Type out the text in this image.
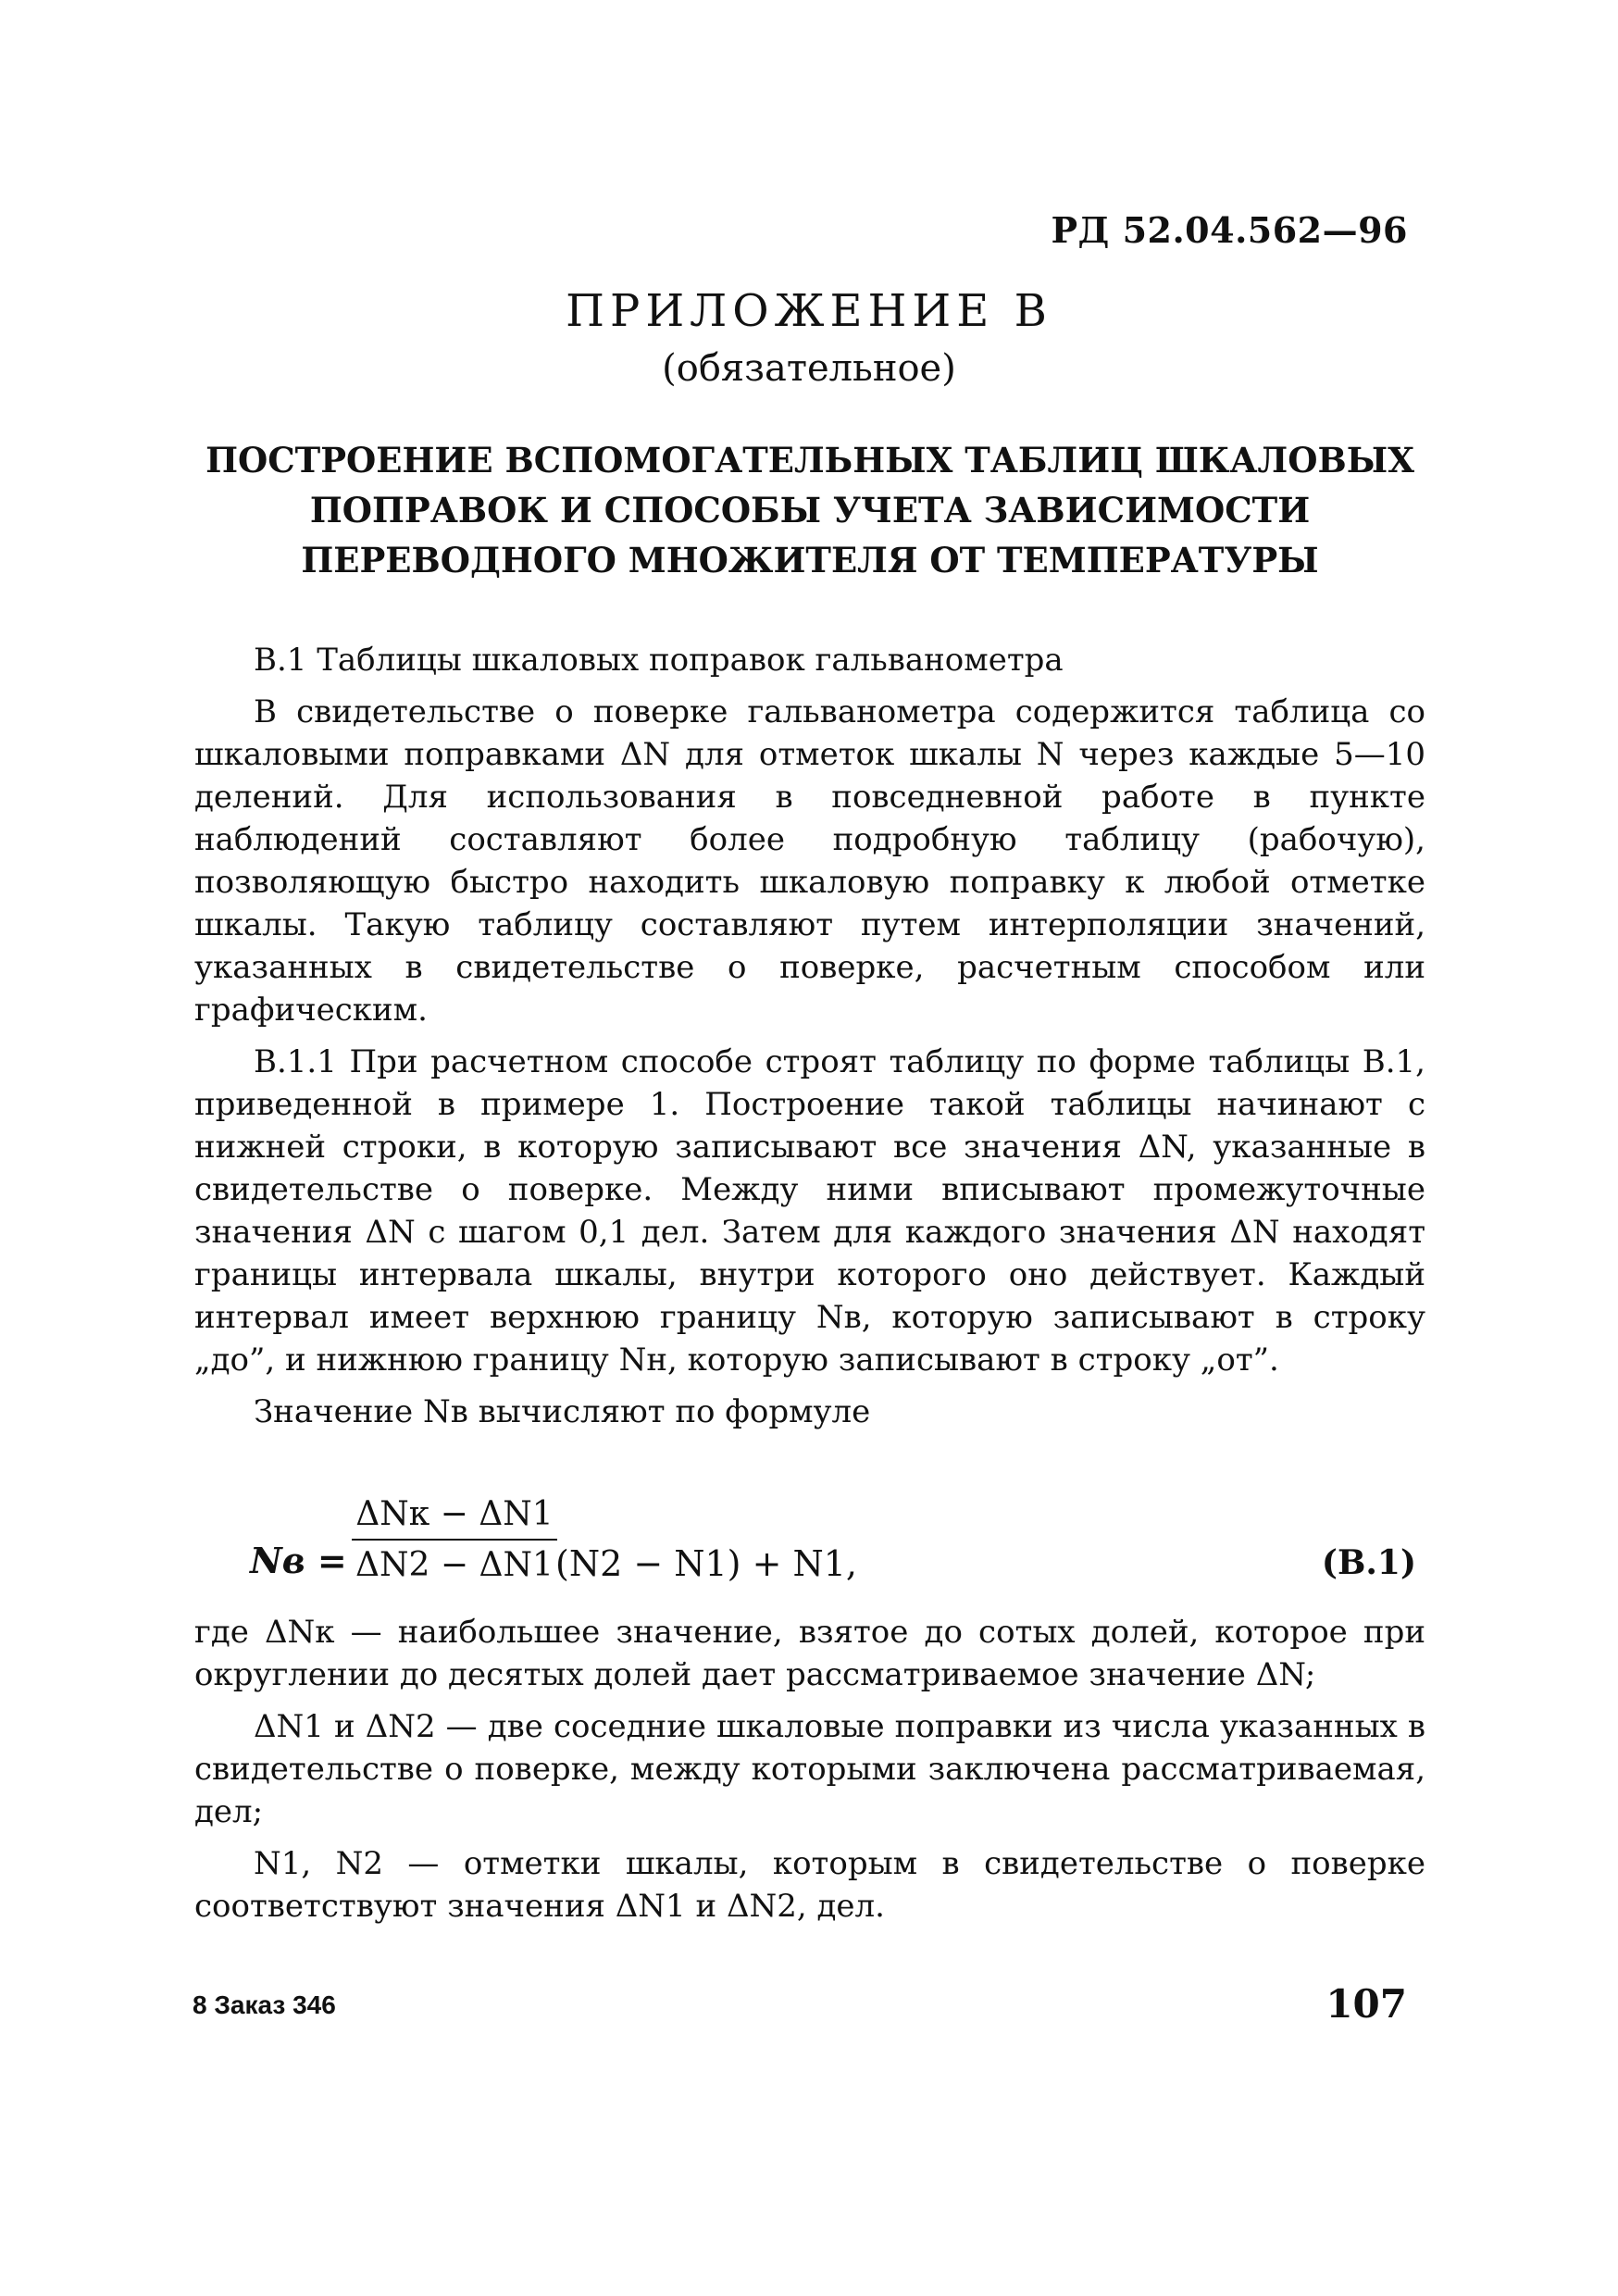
РД 52.04.562—96
ПРИЛОЖЕНИЕ В
(обязательное)
ПОСТРОЕНИЕ ВСПОМОГАТЕЛЬНЫХ ТАБЛИЦ ШКАЛОВЫХ
ПОПРАВОК И СПОСОБЫ УЧЕТА ЗАВИСИМОСТИ
ПЕРЕВОДНОГО МНОЖИТЕЛЯ ОТ ТЕМПЕРАТУРЫ

В.1 Таблицы шкаловых поправок гальванометра

В свидетельстве о поверке гальванометра содержится таблица со шкаловыми поправками ΔN для отметок шкалы N через каждые 5—10 делений. Для использования в повседневной работе в пункте наблюдений составляют более подробную таблицу (рабочую), позволяющую быстро находить шкаловую поправку к любой отметке шкалы. Такую таблицу составляют путем интерполяции значений, указанных в свидетельстве о поверке, расчетным способом или графическим.

В.1.1 При расчетном способе строят таблицу по форме таблицы В.1, приведенной в примере 1. Построение такой таблицы начинают с нижней строки, в которую записывают все значения ΔN, указанные в свидетельстве о поверке. Между ними вписывают промежуточные значения ΔN с шагом 0,1 дел. Затем для каждого значения ΔN находят границы интервала шкалы, внутри которого оно действует. Каждый интервал имеет верхнюю границу Nв, которую записывают в строку „до”, и нижнюю границу Nн, которую записывают в строку „от”.

Значение Nв вычисляют по формуле

Nв =
ΔNк − ΔN1
ΔN2 − ΔN1 (N2 − N1) + N1,	(В.1)

где ΔNк — наибольшее значение, взятое до сотых долей, которое при округлении до десятых долей дает рассматриваемое значение ΔN;

ΔN1 и ΔN2 — две соседние шкаловые поправки из числа указанных в свидетельстве о поверке, между которыми заключена рассматриваемая, дел;

N1, N2 — отметки шкалы, которым в свидетельстве о поверке соответствуют значения ΔN1 и ΔN2, дел.

8 Заказ 346	107
